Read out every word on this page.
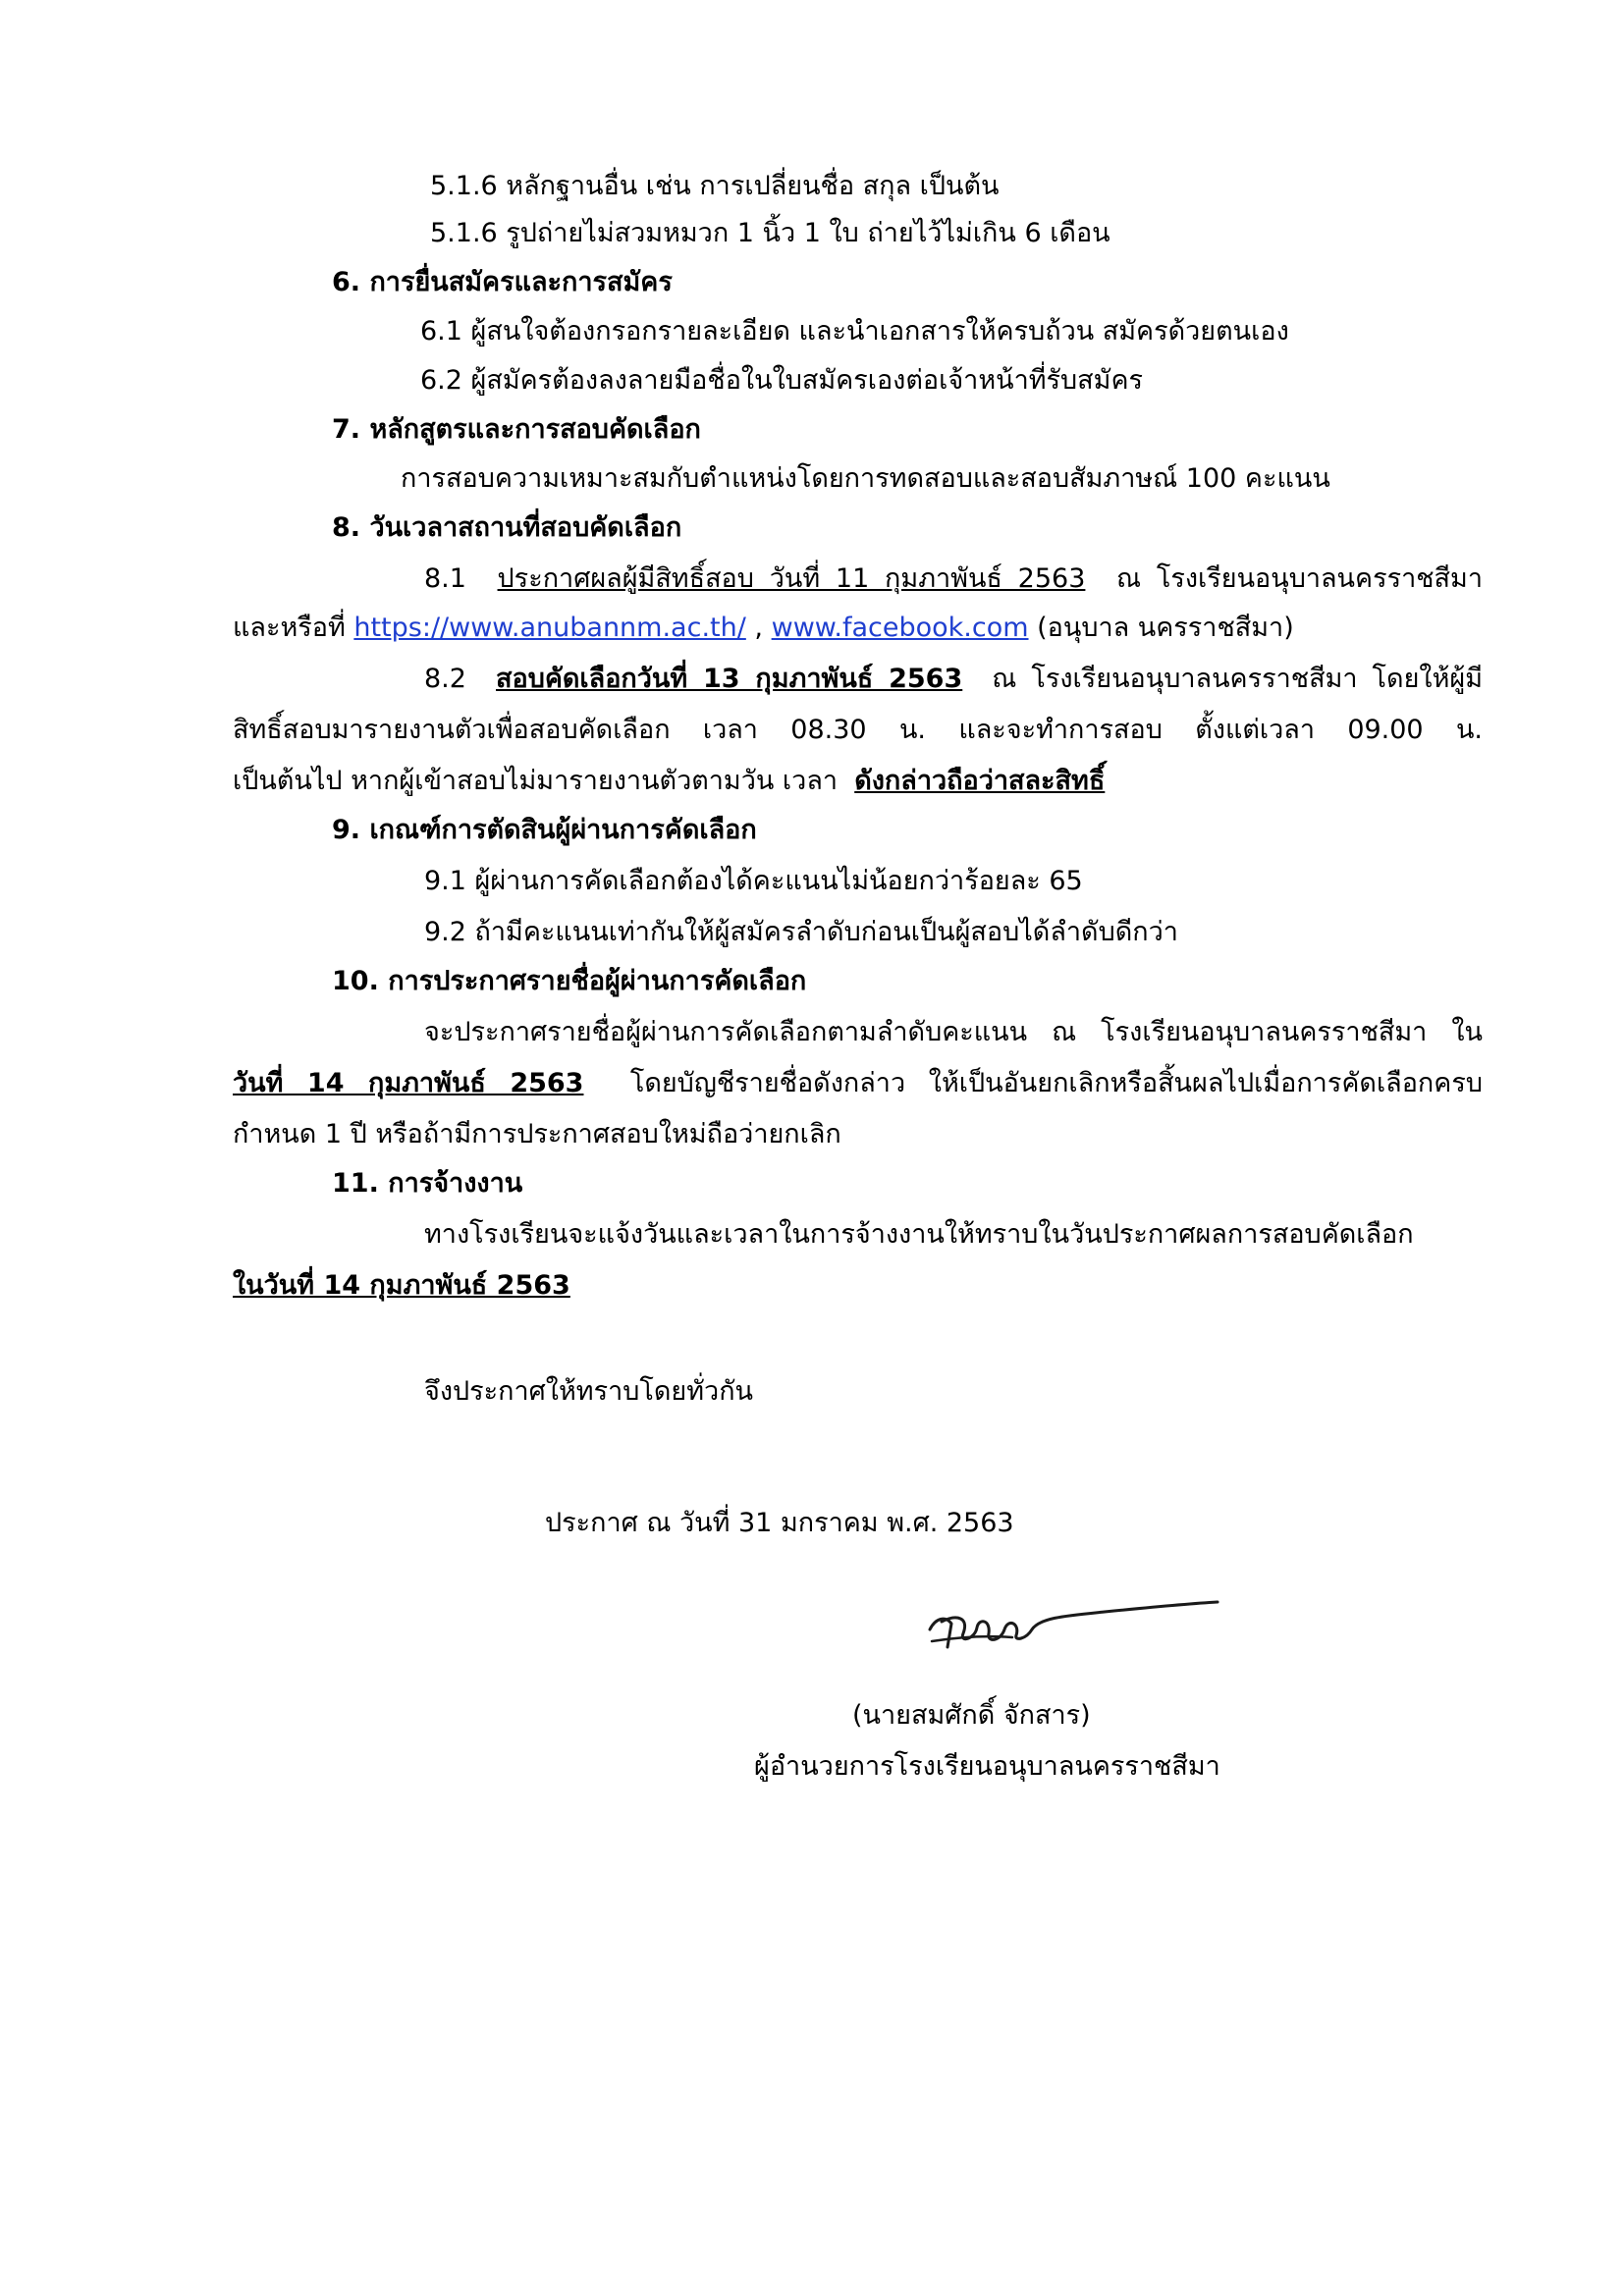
5.1.6 หลักฐานอื่น เช่น การเปลี่ยนชื่อ สกุล เป็นต้น
5.1.6 รูปถ่ายไม่สวมหมวก 1 นิ้ว 1 ใบ ถ่ายไว้ไม่เกิน 6 เดือน
6. การยื่นสมัครและการสมัคร
6.1 ผู้สนใจต้องกรอกรายละเอียด และนำเอกสารให้ครบถ้วน สมัครด้วยตนเอง
6.2 ผู้สมัครต้องลงลายมือชื่อในใบสมัครเองต่อเจ้าหน้าที่รับสมัคร
7. หลักสูตรและการสอบคัดเลือก
การสอบความเหมาะสมกับตำแหน่งโดยการทดสอบและสอบสัมภาษณ์ 100 คะแนน
8. วันเวลาสถานที่สอบคัดเลือก
8.1 ประกาศผลผู้มีสิทธิ์สอบ วันที่ 11 กุมภาพันธ์ 2563 ณ โรงเรียนอนุบาลนครราชสีมา
และหรือที่ https://www.anubannm.ac.th/ , www.facebook.com (อนุบาล นครราชสีมา)
8.2 สอบคัดเลือกวันที่ 13 กุมภาพันธ์ 2563 ณ โรงเรียนอนุบาลนครราชสีมา โดยให้ผู้มี
สิทธิ์สอบมารายงานตัวเพื่อสอบคัดเลือก เวลา 08.30 น. และจะทำการสอบ ตั้งแต่เวลา 09.00 น.
เป็นต้นไป หากผู้เข้าสอบไม่มารายงานตัวตามวัน เวลา ดังกล่าวถือว่าสละสิทธิ์
9. เกณฑ์การตัดสินผู้ผ่านการคัดเลือก
9.1 ผู้ผ่านการคัดเลือกต้องได้คะแนนไม่น้อยกว่าร้อยละ 65
9.2 ถ้ามีคะแนนเท่ากันให้ผู้สมัครลำดับก่อนเป็นผู้สอบได้ลำดับดีกว่า
10. การประกาศรายชื่อผู้ผ่านการคัดเลือก
จะประกาศรายชื่อผู้ผ่านการคัดเลือกตามลำดับคะแนน ณ โรงเรียนอนุบาลนครราชสีมา ใน
วันที่ 14 กุมภาพันธ์ 2563 โดยบัญชีรายชื่อดังกล่าว ให้เป็นอันยกเลิกหรือสิ้นผลไปเมื่อการคัดเลือกครบ
กำหนด 1 ปี หรือถ้ามีการประกาศสอบใหม่ถือว่ายกเลิก
11. การจ้างงาน
ทางโรงเรียนจะแจ้งวันและเวลาในการจ้างงานให้ทราบในวันประกาศผลการสอบคัดเลือก
ในวันที่ 14 กุมภาพันธ์ 2563
จึงประกาศให้ทราบโดยทั่วกัน
ประกาศ ณ วันที่ 31 มกราคม พ.ศ. 2563
(นายสมศักดิ์ จักสาร)
ผู้อำนวยการโรงเรียนอนุบาลนครราชสีมา
